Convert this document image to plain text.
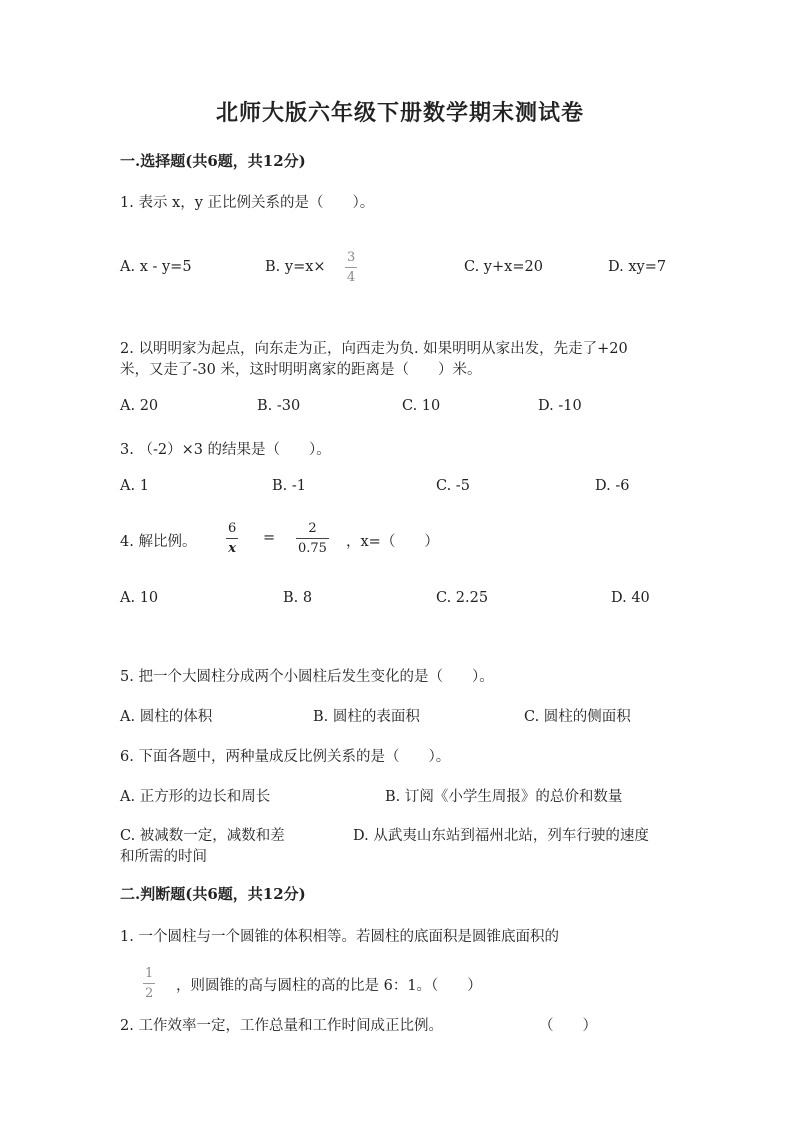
北师大版六年级下册数学期末测试卷
一.选择题(共6题，共12分)
1. 表示 x，y 正比例关系的是（　　）。
A. x - y=5	B. y=x×
3
4
C. y+x=20	D. xy=7
2. 以明明家为起点，向东走为正，向西走为负. 如果明明从家出发，先走了+20
米，又走了-30 米，这时明明离家的距离是（　　）米。
A. 20	B. -30	C. 10	D. -10
3. （-2）×3 的结果是（　　）。
A. 1	B. -1	C. -5	D. -6
4. 解比例。
6
x
=
2
0.75 ，x=（　　）
A. 10	B. 8	C. 2.25	D. 40
5. 把一个大圆柱分成两个小圆柱后发生变化的是（　　）。
A. 圆柱的体积	B. 圆柱的表面积	C. 圆柱的侧面积
6. 下面各题中，两种量成反比例关系的是（　　）。
A. 正方形的边长和周长	B. 订阅《小学生周报》的总价和数量
C. 被减数一定，减数和差	D. 从武夷山东站到福州北站，列车行驶的速度
和所需的时间
二.判断题(共6题，共12分)
1. 一个圆柱与一个圆锥的体积相等。若圆柱的底面积是圆锥底面积的
1
2 ，则圆锥的高与圆柱的高的比是 6：1。（　　）
2. 工作效率一定，工作总量和工作时间成正比例。	（　　）
